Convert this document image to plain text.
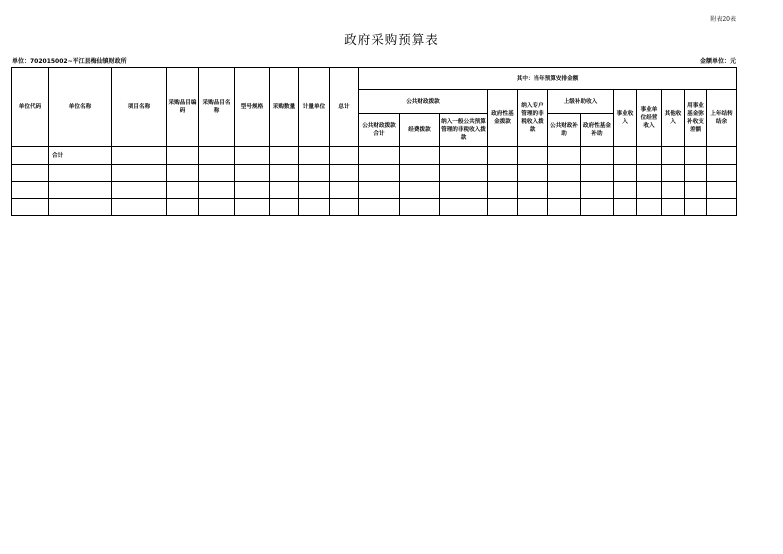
附表20表
政府采购预算表
单位：702015002~平江县梅仙镇财政所	金额单位：元
单位代码	单位名称	项目名称	采购品目编码	采购品目名称	型号规格	采购数量	计量单位	总计	其中：当年预算安排金额											
									公共财政拨款			政府性基金拨款	纳入专户管理的非税收入拨款	上级补助收入		事业收入	事业单位经营收入	其他收入	用事业基金弥补收支差额	上年结转结余
									公共财政拨款合计	经费拨款	纳入一般公共预算管理的非税收入拨款			公共财政补助	政府性基金补助					
	合计																			
